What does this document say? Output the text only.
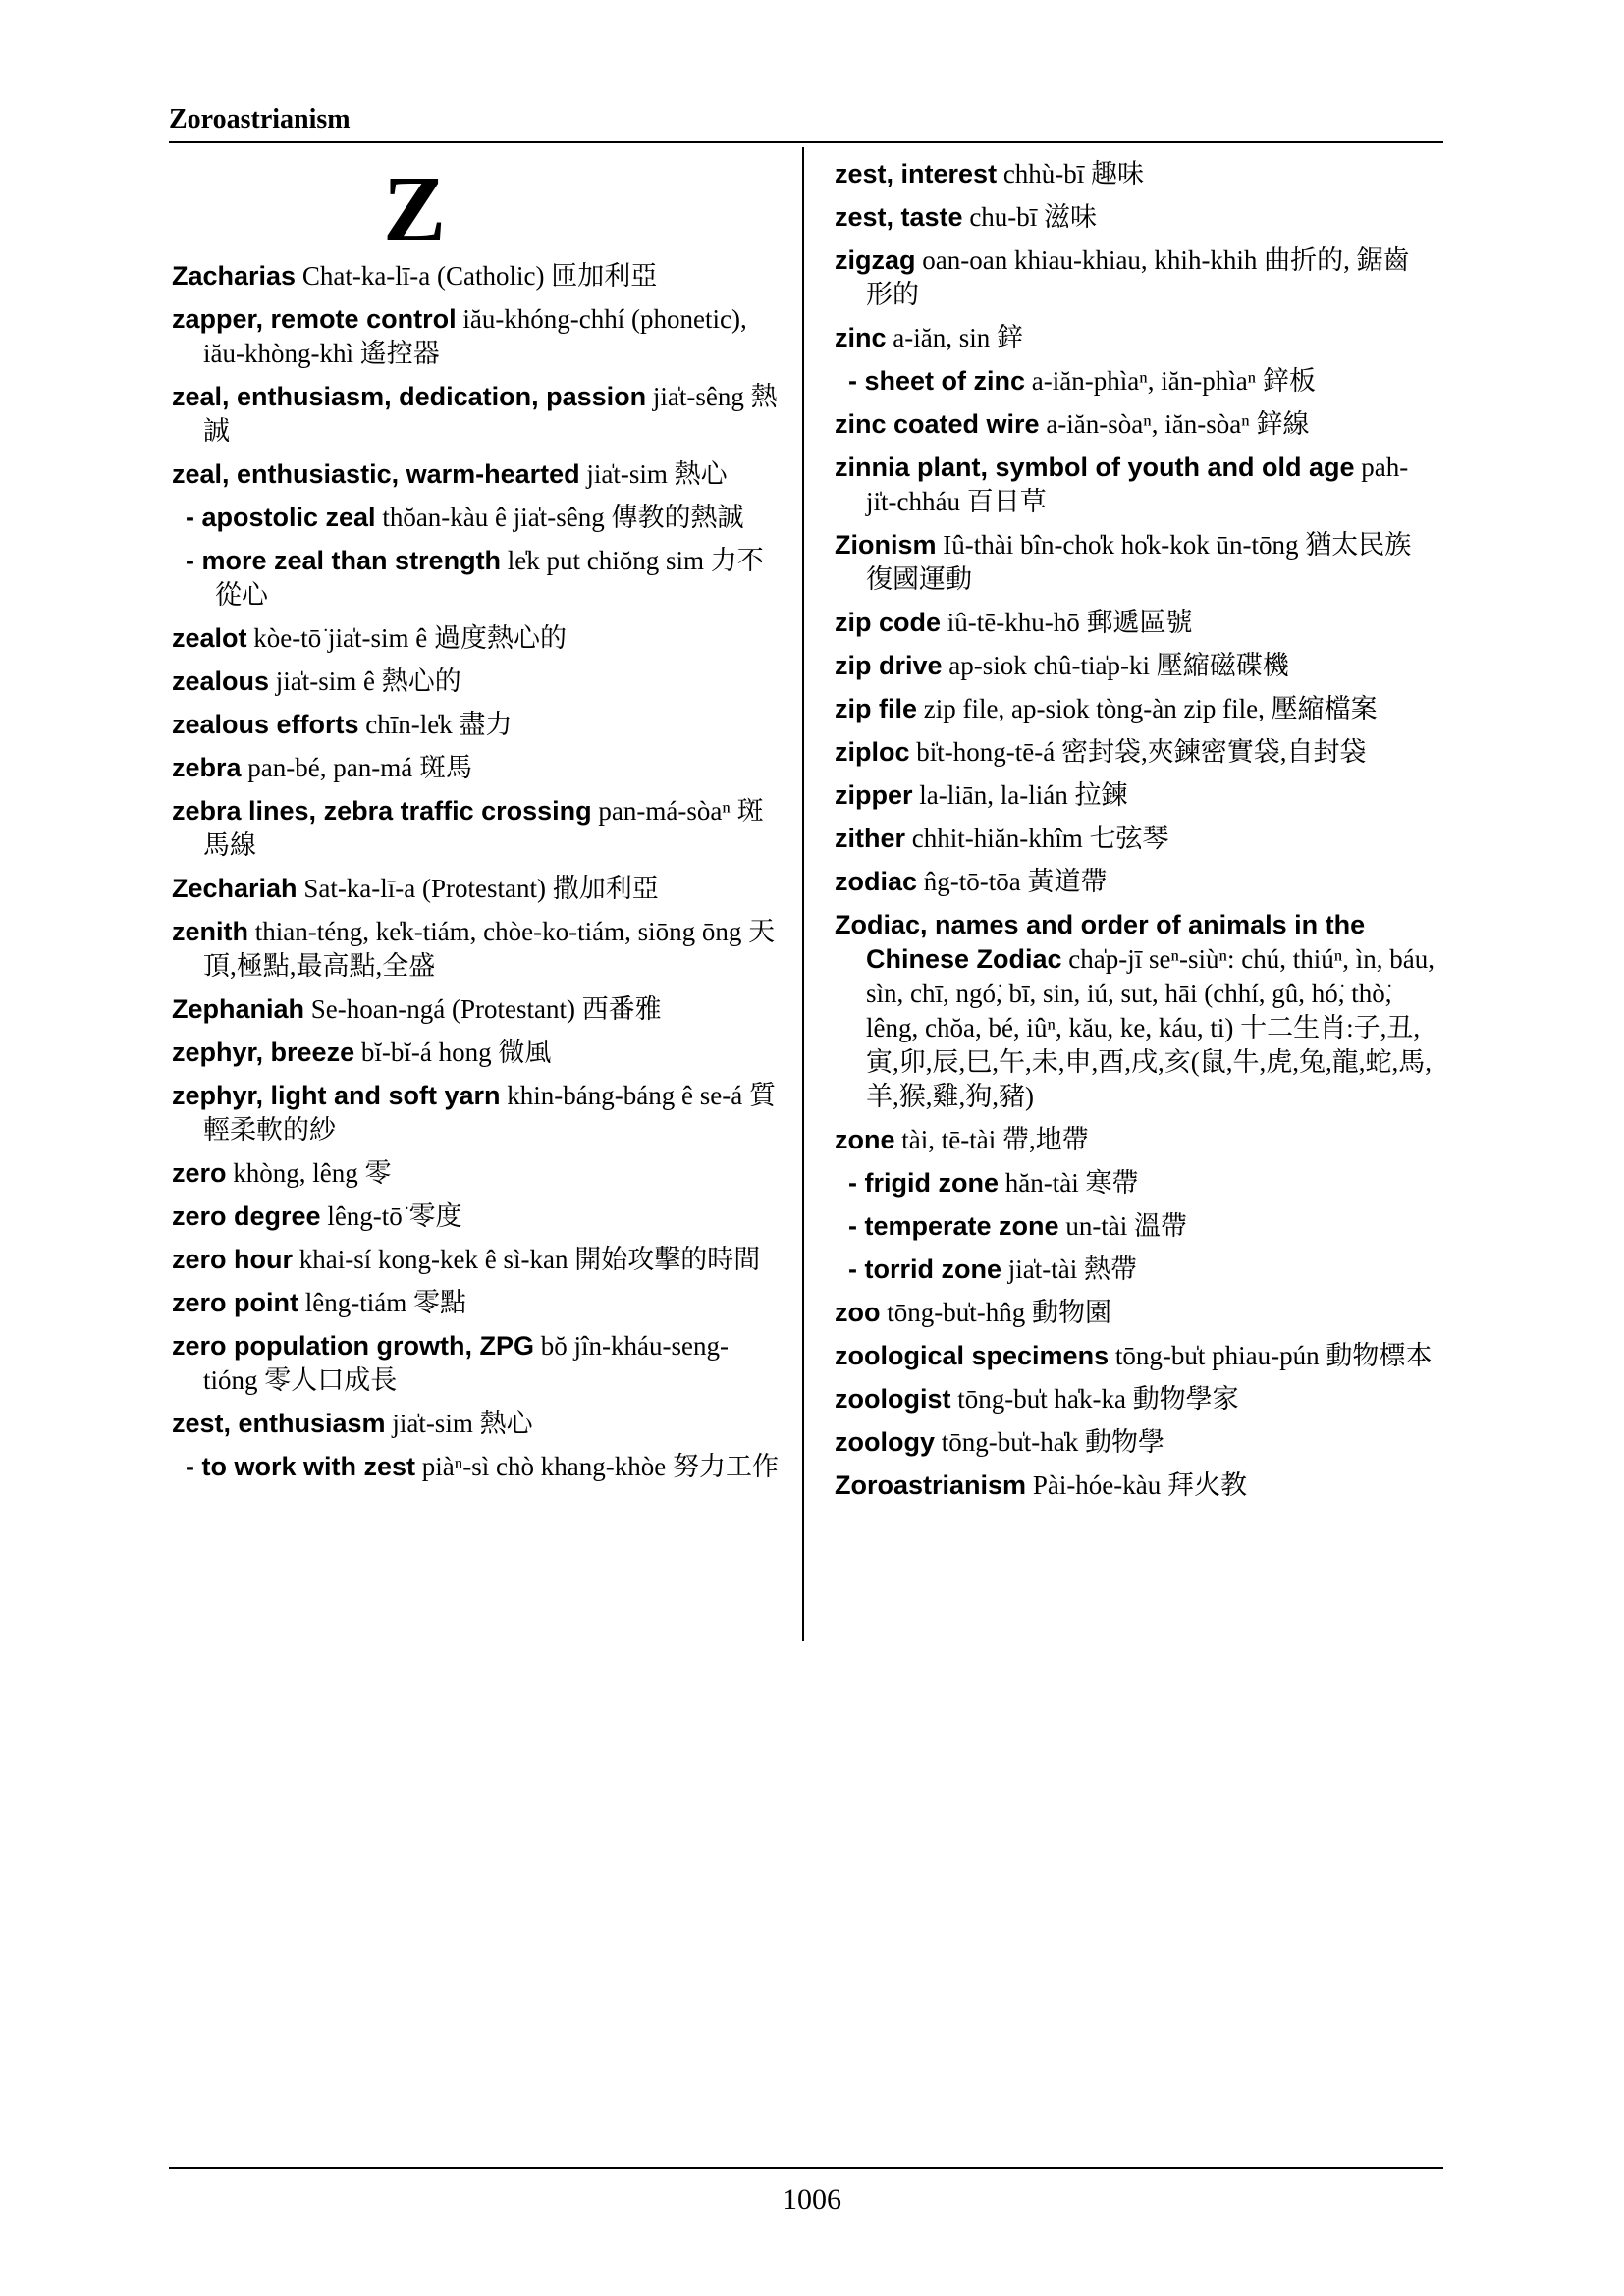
Zoroastrianism
Z
Zacharias Chat-ka-lī-a (Catholic) 匝加利亞
zapper, remote control iău-khóng-chhí (phonetic), iău-khòng-khì 遙控器
zeal, enthusiasm, dedication, passion jia̍t-sêng 熱誠
zeal, enthusiastic, warm-hearted jia̍t-sim 熱心
- apostolic zeal thŏan-kàu ê jia̍t-sêng 傳教的熱誠
- more zeal than strength le̍k put chiŏng sim 力不從心
zealot kòe-tō͘ jia̍t-sim ê 過度熱心的
zealous jia̍t-sim ê 熱心的
zealous efforts chīn-le̍k 盡力
zebra pan-bé, pan-má 斑馬
zebra lines, zebra traffic crossing pan-má-sòaⁿ 斑馬線
Zechariah Sat-ka-lī-a (Protestant) 撒加利亞
zenith thian-téng, ke̍k-tiám, chòe-ko-tiám, siōng ōng 天頂,極點,最高點,全盛
Zephaniah Se-hoan-ngá (Protestant) 西番雅
zephyr, breeze bĭ-bĭ-á hong 微風
zephyr, light and soft yarn khin-báng-báng ê se-á 質輕柔軟的紗
zero khòng, lêng 零
zero degree lêng-tō͘ 零度
zero hour khai-sí kong-kek ê sì-kan 開始攻擊的時間
zero point lêng-tiám 零點
zero population growth, ZPG bŏ jîn-kháu-seng-tióng 零人口成長
zest, enthusiasm jia̍t-sim 熱心
- to work with zest piàⁿ-sì chò khang-khòe 努力工作
zest, interest chhù-bī 趣味
zest, taste chu-bī 滋味
zigzag oan-oan khiau-khiau, khih-khih 曲折的, 鋸齒形的
zinc a-iăn, sin 鋅
- sheet of zinc a-iăn-phìaⁿ, iăn-phìaⁿ 鋅板
zinc coated wire a-iăn-sòaⁿ, iăn-sòaⁿ 鋅線
zinnia plant, symbol of youth and old age pah-ji̍t-chháu 百日草
Zionism Iû-thài bîn-cho̍k ho̍k-kok ūn-tōng 猶太民族復國運動
zip code iû-tē-khu-hō 郵遞區號
zip drive ap-siok chû-tia̍p-ki 壓縮磁碟機
zip file zip file, ap-siok tòng-àn zip file, 壓縮檔案
ziploc bi̍t-hong-tē-á 密封袋,夾鍊密實袋,自封袋
zipper la-liān, la-lián 拉鍊
zither chhit-hiăn-khîm 七弦琴
zodiac n̂g-tō-tōa 黃道帶
Zodiac, names and order of animals in the Chinese Zodiac cha̍p-jī seⁿ-siùⁿ: chú, thiúⁿ, ìn, báu, sìn, chī, ngó͘, bī, sin, iú, sut, hāi (chhí, gû, hó͘, thò͘, lêng, chŏa, bé, iûⁿ, kău, ke, káu, ti) 十二生肖:子,丑,寅,卯,辰,巳,午,未,申,酉,戌,亥(鼠,牛,虎,兔,龍,蛇,馬,羊,猴,雞,狗,豬)
zone tài, tē-tài 帶,地帶
- frigid zone hăn-tài 寒帶
- temperate zone un-tài 溫帶
- torrid zone jia̍t-tài 熱帶
zoo tōng-bu̍t-hn̂g 動物園
zoological specimens tōng-bu̍t phiau-pún 動物標本
zoologist tōng-bu̍t ha̍k-ka 動物學家
zoology tōng-bu̍t-ha̍k 動物學
Zoroastrianism Pài-hóe-kàu 拜火教
1006
